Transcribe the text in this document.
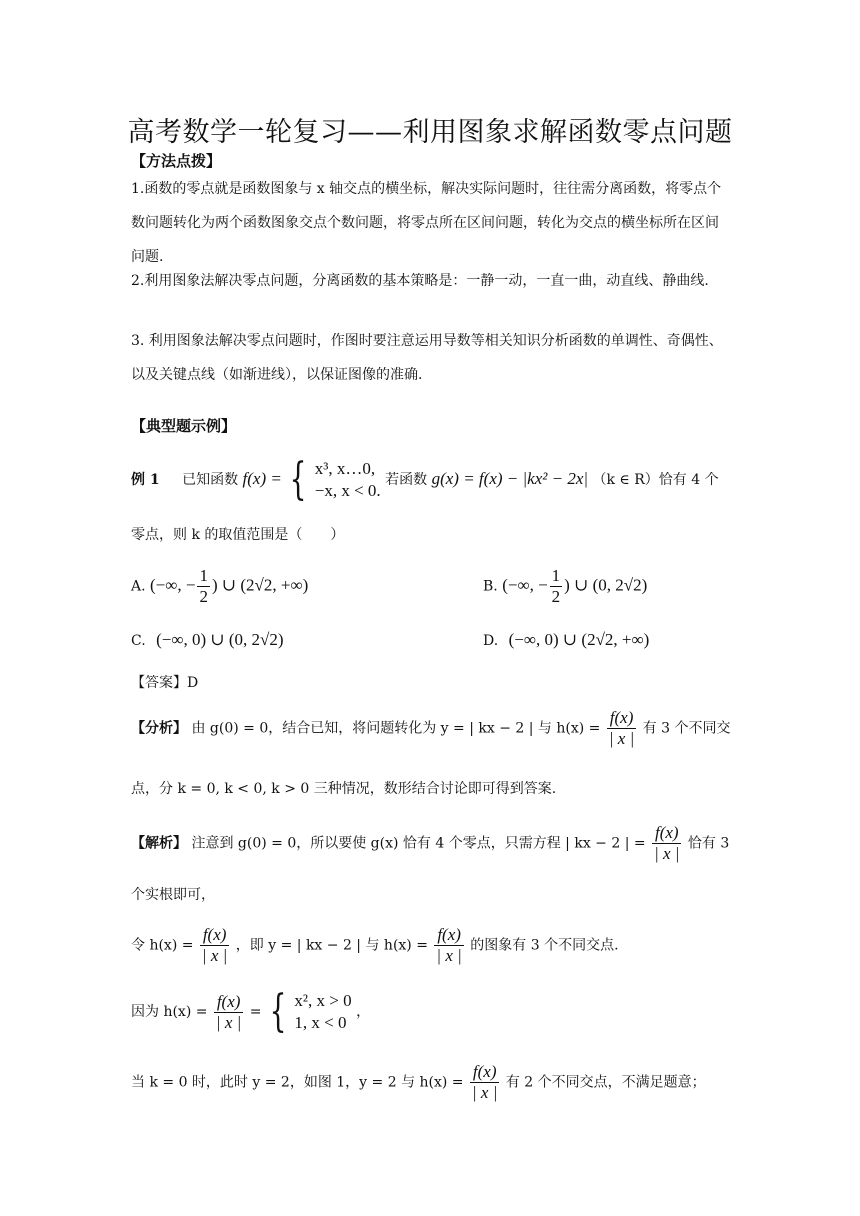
高考数学一轮复习——利用图象求解函数零点问题
【方法点拨】
1.函数的零点就是函数图象与 x 轴交点的横坐标，解决实际问题时，往往需分离函数，将零点个数问题转化为两个函数图象交点个数问题，将零点所在区间问题，转化为交点的横坐标所在区间问题.
2.利用图象法解决零点问题，分离函数的基本策略是：一静一动，一直一曲，动直线、静曲线.
3. 利用图象法解决零点问题时，作图时要注意运用导数等相关知识分析函数的单调性、奇偶性、以及关键点线（如渐进线），以保证图像的准确.
【典型题示例】
例 1 已知函数 f(x) = { x³, x…0,
−x, x < 0.
若函数 g(x) = f(x) − |kx² − 2x| （k ∈ R）恰有 4 个
零点，则 k 的取值范围是（　　）
A. (−∞, − $\frac{1}{2}$ ) ∪ (2√2, +∞)	B. (−∞, − $\frac{1}{2}$ ) ∪ (0, 2√2)
C. (−∞, 0) ∪ (0, 2√2)	D. (−∞, 0) ∪ (2√2, +∞)
【答案】D
【分析】 由 g(0) = 0，结合已知，将问题转化为 y = | kx − 2 | 与 $h(x) = \frac{f(x)}{| x |}$ 有 3 个不同交
点，分 k = 0, k < 0, k > 0 三种情况，数形结合讨论即可得到答案.
【解析】 注意到 g(0) = 0，所以要使 g(x) 恰有 4 个零点，只需方程 | kx − 2 | = $\frac{f(x)}{| x |}$ 恰有 3
个实根即可，
令 $h(x) = \frac{f(x)}{| x |}$ ，即 y = | kx − 2 | 与 $h(x) = \frac{f(x)}{| x |}$ 的图象有 3 个不同交点.
因为 $h(x) = \frac{f(x)}{| x |}$ = { x², x > 0
1, x < 0
，
当 k = 0 时，此时 y = 2，如图 1，y = 2 与 $h(x) = \frac{f(x)}{| x |}$ 有 2 个不同交点，不满足题意；
